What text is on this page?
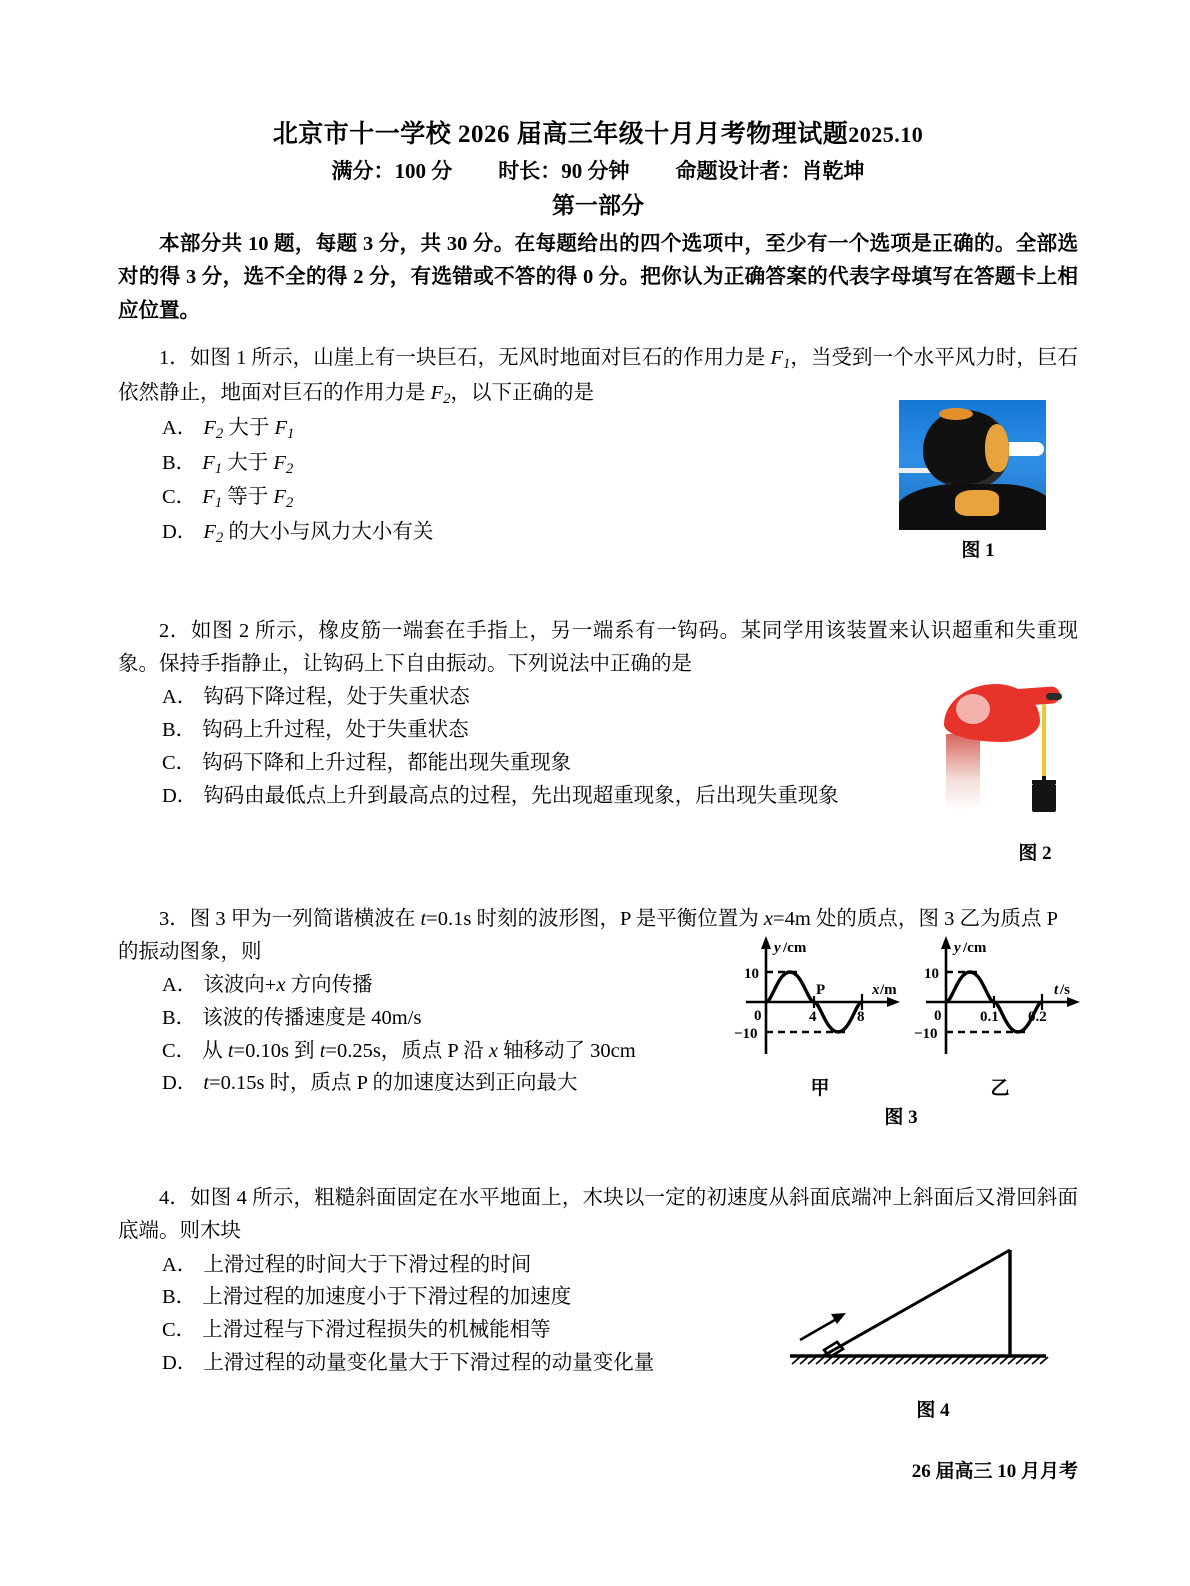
北京市十一学校 2026 届高三年级十月月考物理试题2025.10
满分：100 分 时长：90 分钟 命题设计者：肖乾坤
第一部分
本部分共 10 题，每题 3 分，共 30 分。在每题给出的四个选项中，至少有一个选项是正确的。全部选对的得 3 分，选不全的得 2 分，有选错或不答的得 0 分。把你认为正确答案的代表字母填写在答题卡上相应位置。
1．如图 1 所示，山崖上有一块巨石，无风时地面对巨石的作用力是 $F_1$，当受到一个水平风力时，巨石依然静止，地面对巨石的作用力是 $F_2$，以下正确的是
A． $F_2$ 大于 $F_1$
B． $F_1$ 大于 $F_2$
C． $F_1$ 等于 $F_2$
D． $F_2$ 的大小与风力大小有关
2．如图 2 所示，橡皮筋一端套在手指上，另一端系有一钩码。某同学用该装置来认识超重和失重现象。保持手指静止，让钩码上下自由振动。下列说法中正确的是
A． 钩码下降过程，处于失重状态
B． 钩码上升过程，处于失重状态
C． 钩码下降和上升过程，都能出现失重现象
D． 钩码由最低点上升到最高点的过程，先出现超重现象，后出现失重现象
3．图 3 甲为一列简谐横波在 t=0.1s 时刻的波形图，P 是平衡位置为 x=4m 处的质点，图 3 乙为质点 P 的振动图象，则
A． 该波向+x 方向传播
B． 该波的传播速度是 40m/s
C． 从 t=0.10s 到 t=0.25s，质点 P 沿 x 轴移动了 30cm
D． t=0.15s 时，质点 P 的加速度达到正向最大
4．如图 4 所示，粗糙斜面固定在水平地面上，木块以一定的初速度从斜面底端冲上斜面后又滑回斜面底端。则木块
A． 上滑过程的时间大于下滑过程的时间
B． 上滑过程的加速度小于下滑过程的加速度
C． 上滑过程与下滑过程损失的机械能相等
D． 上滑过程的动量变化量大于下滑过程的动量变化量
图 1
图 2
y /cm
10
−10
0	4	8
P	x /m
甲
y /cm
10
−10
0	0.1 0.2
t /s
乙
图 3
图 4
26 届高三 10 月月考
